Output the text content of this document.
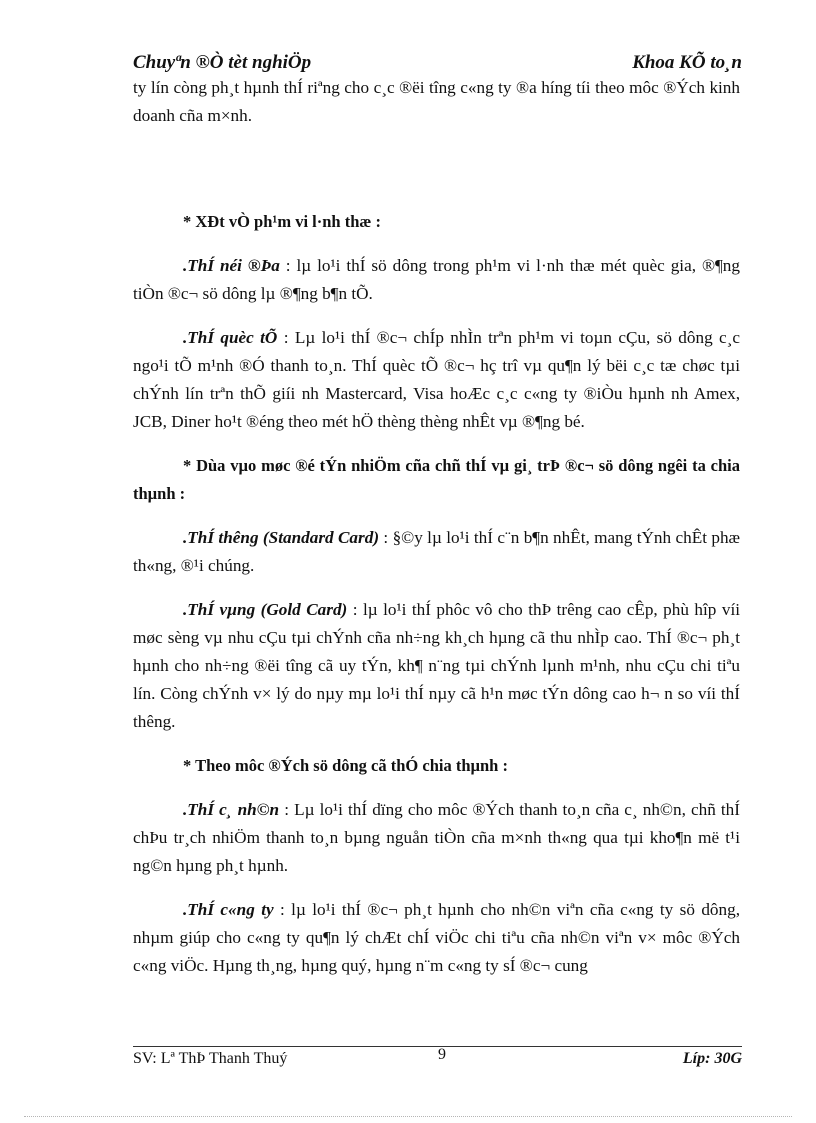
Chuyªn ®Ò tèt nghiÖp	Khoa KÕ to¸n

ty lín còng ph¸t hµnh thÍ riªng cho c¸c ®ëi tîng c«ng ty ®a híng tíi theo môc ®Ých kinh doanh cña m×nh.

* XÐt vÒ ph¹m vi l·nh thæ :

.ThÍ néi ®Þa : lµ lo¹i thÍ sö dông trong ph¹m vi l·nh thæ mét quèc gia, ®¶ng tiÒn ®c¬ sö dông lµ ®¶ng b¶n tÕ.

.ThÍ quèc tÕ : Lµ lo¹i thÍ ®c¬ chÍp nhÌn trªn ph¹m vi toµn cÇu, sö dông c¸c ngo¹i tÕ m¹nh ®Ó thanh to¸n. ThÍ quèc tÕ ®c¬ hç trî vµ qu¶n lý bëi c¸c tæ chøc tµi chÝnh lín trªn thÕ giíi nh Mastercard, Visa hoÆc c¸c c«ng ty ®iÒu hµnh nh Amex, JCB, Diner ho¹t ®éng theo mét hÖ thèng thèng nhÊt vµ ®¶ng bé.

* Dùa vµo møc ®é tÝn nhiÖm cña chñ thÍ vµ gi¸ trÞ ®c¬ sö dông ngêi ta chia thµnh :

.ThÍ thêng (Standard Card) : §©y lµ lo¹i thÍ c¨n b¶n nhÊt, mang tÝnh chÊt phæ th«ng, ®¹i chúng.

.ThÍ vµng (Gold Card) : lµ lo¹i thÍ phôc vô cho thÞ trêng cao cÊp, phù hîp víi møc sèng vµ nhu cÇu tµi chÝnh cña nh÷ng kh¸ch hµng cã thu nhÌp cao. ThÍ ®c¬ ph¸t hµnh cho nh÷ng ®ëi tîng cã uy tÝn, kh¶ n¨ng tµi chÝnh lµnh m¹nh, nhu cÇu chi tiªu lín. Còng chÝnh v× lý do nµy mµ lo¹i thÍ nµy cã h¹n møc tÝn dông cao h¬ n so víi thÍ thêng.

* Theo môc ®Ých sö dông cã thÓ chia thµnh :

.ThÍ c¸ nh©n : Lµ lo¹i thÍ dïng cho môc ®Ých thanh to¸n cña c¸ nh©n, chñ thÍ chÞu tr¸ch nhiÖm thanh to¸n bµng nguån tiÒn cña m×nh th«ng qua tµi kho¶n më t¹i ng©n hµng ph¸t hµnh.

.ThÍ c«ng ty : lµ lo¹i thÍ ®c¬ ph¸t hµnh cho nh©n viªn cña c«ng ty sö dông, nhµm giúp cho c«ng ty qu¶n lý chÆt chÍ viÖc chi tiªu cña nh©n viªn v× môc ®Ých c«ng viÖc. Hµng th¸ng, hµng quý, hµng n¨m c«ng ty sÍ ®c¬ cung

SV: Lª ThÞ Thanh Thuý	9	Líp: 30G
